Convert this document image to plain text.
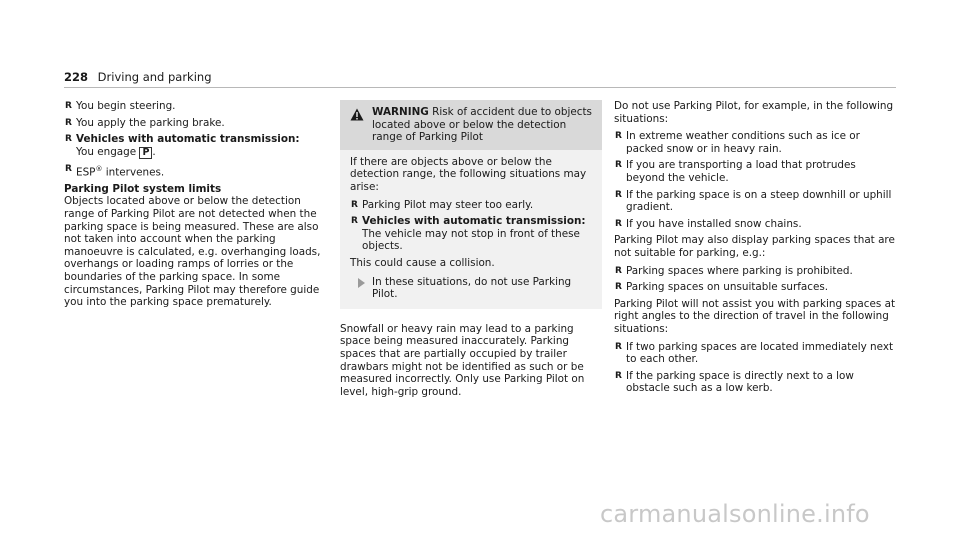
228 Driving and parking
R You begin steering.
R You apply the parking brake.
R Vehicles with automatic transmission:
You engage P .
R ESP® intervenes.

Parking Pilot system limits

Objects located above or below the detection range of Parking Pilot are not detected when the parking space is being measured. These are also not taken into account when the parking manoeuvre is calculated, e.g. overhanging loads, overhangs or loading ramps of lorries or the boundaries of the parking space. In some circumstances, Parking Pilot may therefore guide you into the parking space prematurely.

WARNING Risk of accident due to objects located above or below the detection range of Parking Pilot

If there are objects above or below the detection range, the following situations may arise:

R Parking Pilot may steer too early.
R Vehicles with automatic transmission: The vehicle may not stop in front of these objects.

This could cause a collision.

In these situations, do not use Parking Pilot.

Snowfall or heavy rain may lead to a parking space being measured inaccurately. Parking spaces that are partially occupied by trailer drawbars might not be identified as such or be measured incorrectly. Only use Parking Pilot on level, high-grip ground.

Do not use Parking Pilot, for example, in the following situations:

R In extreme weather conditions such as ice or packed snow or in heavy rain.
R If you are transporting a load that protrudes beyond the vehicle.
R If the parking space is on a steep downhill or uphill gradient.
R If you have installed snow chains.

Parking Pilot may also display parking spaces that are not suitable for parking, e.g.:

R Parking spaces where parking is prohibited.
R Parking spaces on unsuitable surfaces.

Parking Pilot will not assist you with parking spaces at right angles to the direction of travel in the following situations:

R If two parking spaces are located immediately next to each other.
R If the parking space is directly next to a low obstacle such as a low kerb.
carmanualsonline.info
